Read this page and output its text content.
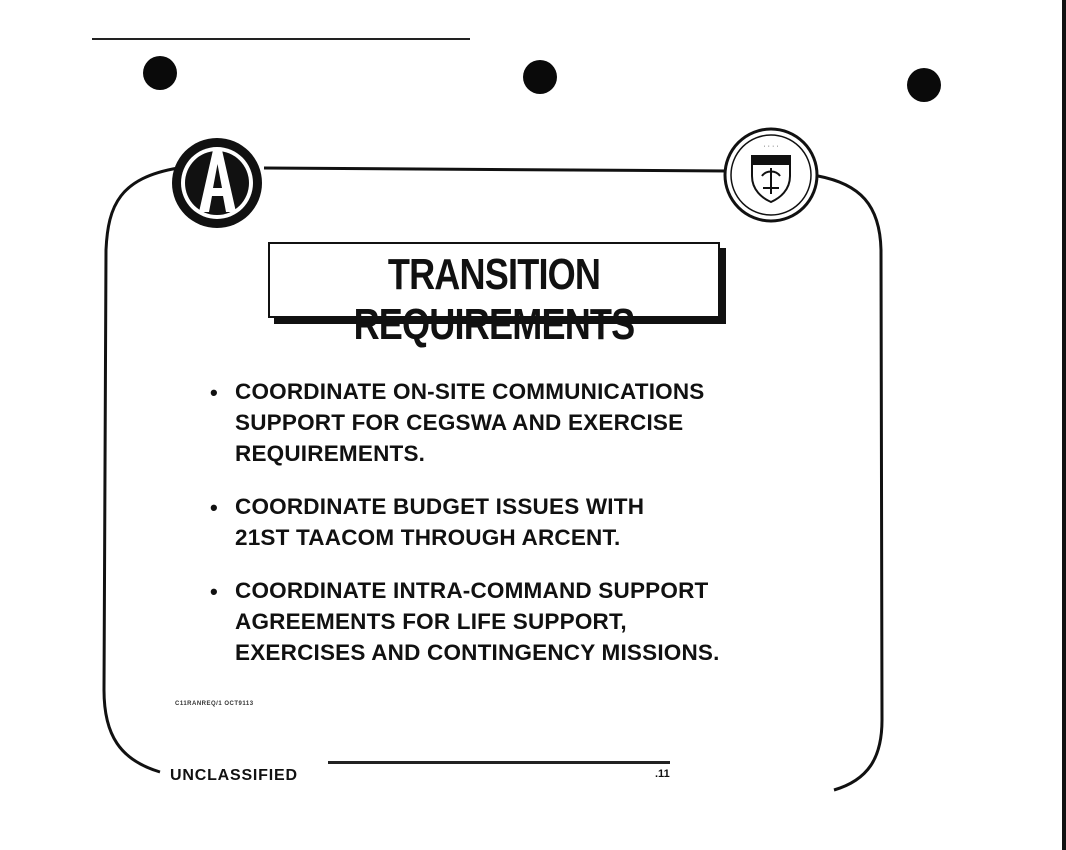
· · · ·
TRANSITION REQUIREMENTS
• COORDINATE ON-SITE COMMUNICATIONS
SUPPORT FOR CEGSWA AND EXERCISE
REQUIREMENTS.
• COORDINATE BUDGET ISSUES WITH
21ST TAACOM THROUGH ARCENT.
• COORDINATE INTRA-COMMAND SUPPORT
AGREEMENTS FOR LIFE SUPPORT,
EXERCISES AND CONTINGENCY MISSIONS.
C11RANREQ/1 OCT9113
UNCLASSIFIED	.11
